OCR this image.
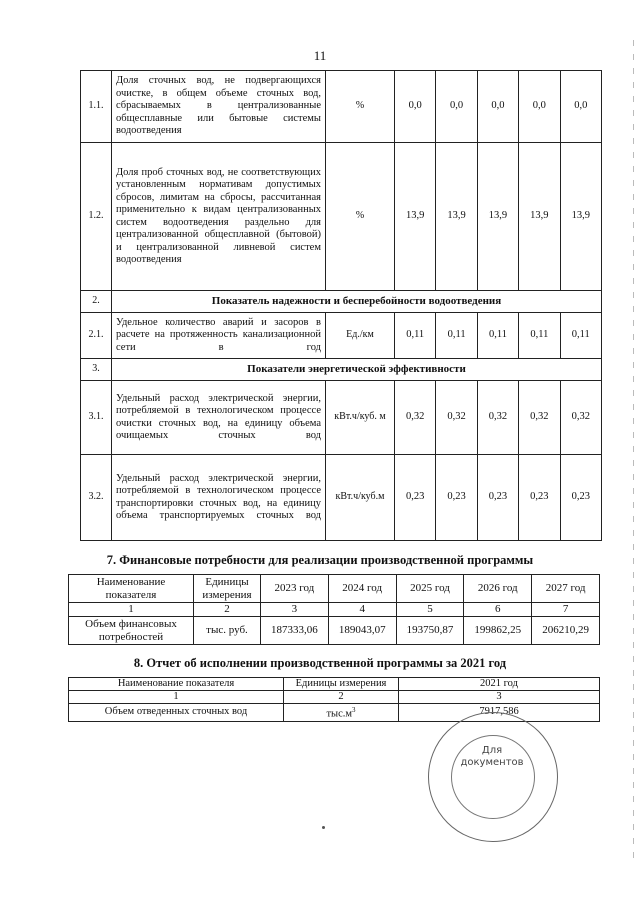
11
1.1.	Доля сточных вод, не подвергающихся очистке, в общем объеме сточных вод, сбрасываемых в централизованные общесплавные или бытовые системы водоотведения	%	0,0	0,0	0,0	0,0	0,0
1.2.	Доля проб сточных вод, не соответствующих установленным нормативам допустимых сбросов, лимитам на сбросы, рассчитанная применительно к видам централизованных систем водоотведения раздельно для централизованной общесплавной (бытовой) и централизованной ливневой систем водоотведения	%	13,9	13,9	13,9	13,9	13,9
2.	Показатель надежности и бесперебойности водоотведения						
2.1.	Удельное количество аварий и засоров в расчете на протяженность канализационной сети в год	Ед./км	0,11	0,11	0,11	0,11	0,11
3.	Показатели энергетической эффективности						
3.1.	Удельный расход электрической энергии, потребляемой в технологическом процессе очистки сточных вод, на единицу объема очищаемых сточных вод	кВт.ч/куб. м	0,32	0,32	0,32	0,32	0,32
3.2.	Удельный расход электрической энергии, потребляемой в технологическом процессе транспортировки сточных вод, на единицу объема транспортируемых сточных вод	кВт.ч/куб.м	0,23	0,23	0,23	0,23	0,23
7. Финансовые потребности для реализации производственной программы
Наименование показателя	Единицы измерения	2023 год	2024 год	2025 год	2026 год	2027 год
1	2	3	4	5	6	7
Объем финансовых потребностей	тыс. руб.	187333,06	189043,07	193750,87	199862,25	206210,29
8. Отчет об исполнении производственной программы за 2021 год
Наименование показателя	Единицы измерения	2021 год
1	2	3
Объем отведенных сточных вод	$тыс.м^3$	7917,586
Для
документов
